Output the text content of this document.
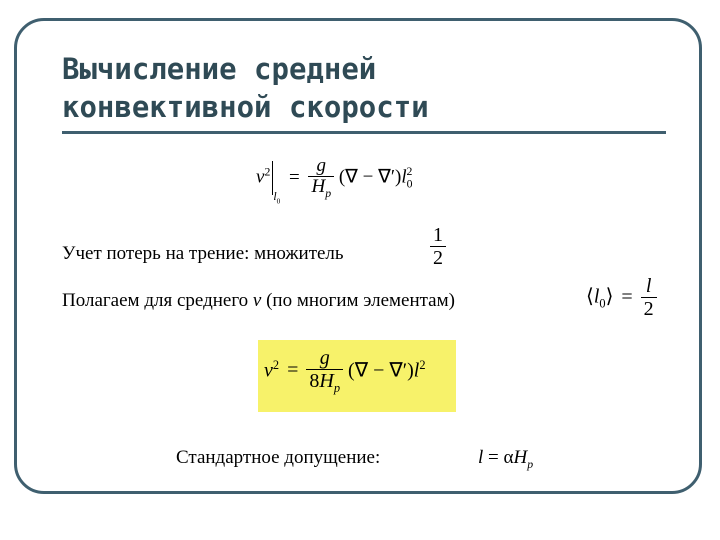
Вычисление средней
конвективной скорости
$v^2_{l_0} = \frac{g}{H_p}$ (∇ − $\nabla')l_0^2$
Учет потерь на трение: множитель	$\frac{1}{2}$
Полагаем для среднего v (по многим элементам)	$⟨l_0⟩ = \frac{l}{2}$
$v^2 = \frac{g}{8H_p}$ (∇ − $\nabla')l^2$
Стандартное допущение:	$l = \alpha H_p$
